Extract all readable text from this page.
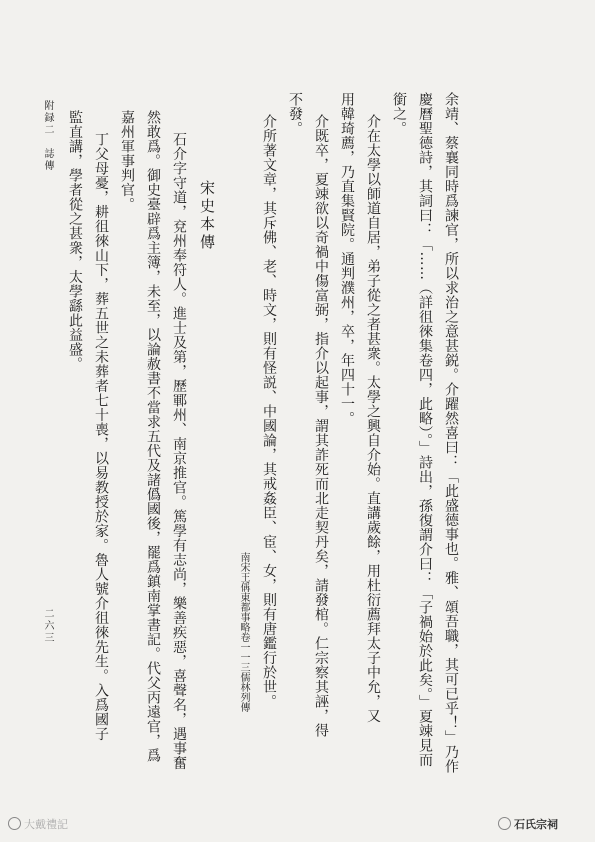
余靖、蔡襄同時爲諫官，所以求治之意甚鋭。介躍然喜曰：「此盛德事也。雅、頌吾職，其可已乎！」乃作
慶曆聖德詩，其詞曰：「……（詳徂徠集卷四，此略）。」詩出，孫復謂介曰：「子禍始於此矣。」夏竦見而
銜之。
介在太學以師道自居，弟子從之者甚衆。太學之興自介始。直講歲餘，用杜衍薦拜太子中允，又
用韓琦薦，乃直集賢院。通判濮州，卒，年四十一。
介既卒，夏竦欲以奇禍中傷富弼，指介以起事，謂其詐死而北走契丹矣，請發棺。仁宗察其誣，得
不發。
介所著文章，其斥佛、老、時文，則有怪説、中國論，其戒姦臣、宦、女，則有唐鑑行於世。
南宋王偁東都事略卷一一三儒林列傳
宋史本傳
石介字守道，兗州奉符人。進士及第，歷鄆州、南京推官。篤學有志尚，樂善疾惡，喜聲名，遇事奮
然敢爲。御史臺辟爲主簿，未至，以論赦書不當求五代及諸僞國後，罷爲鎮南掌書記。代父丙遠官，爲
嘉州軍事判官。
丁父母憂，耕徂徠山下，葬五世之未葬者七十喪，以易教授於家。魯人號介徂徠先生。入爲國子
監直講，學者從之甚衆，太學繇此益盛。
附録二　誌傳
二六三
大戴禮記	石氏宗祠
